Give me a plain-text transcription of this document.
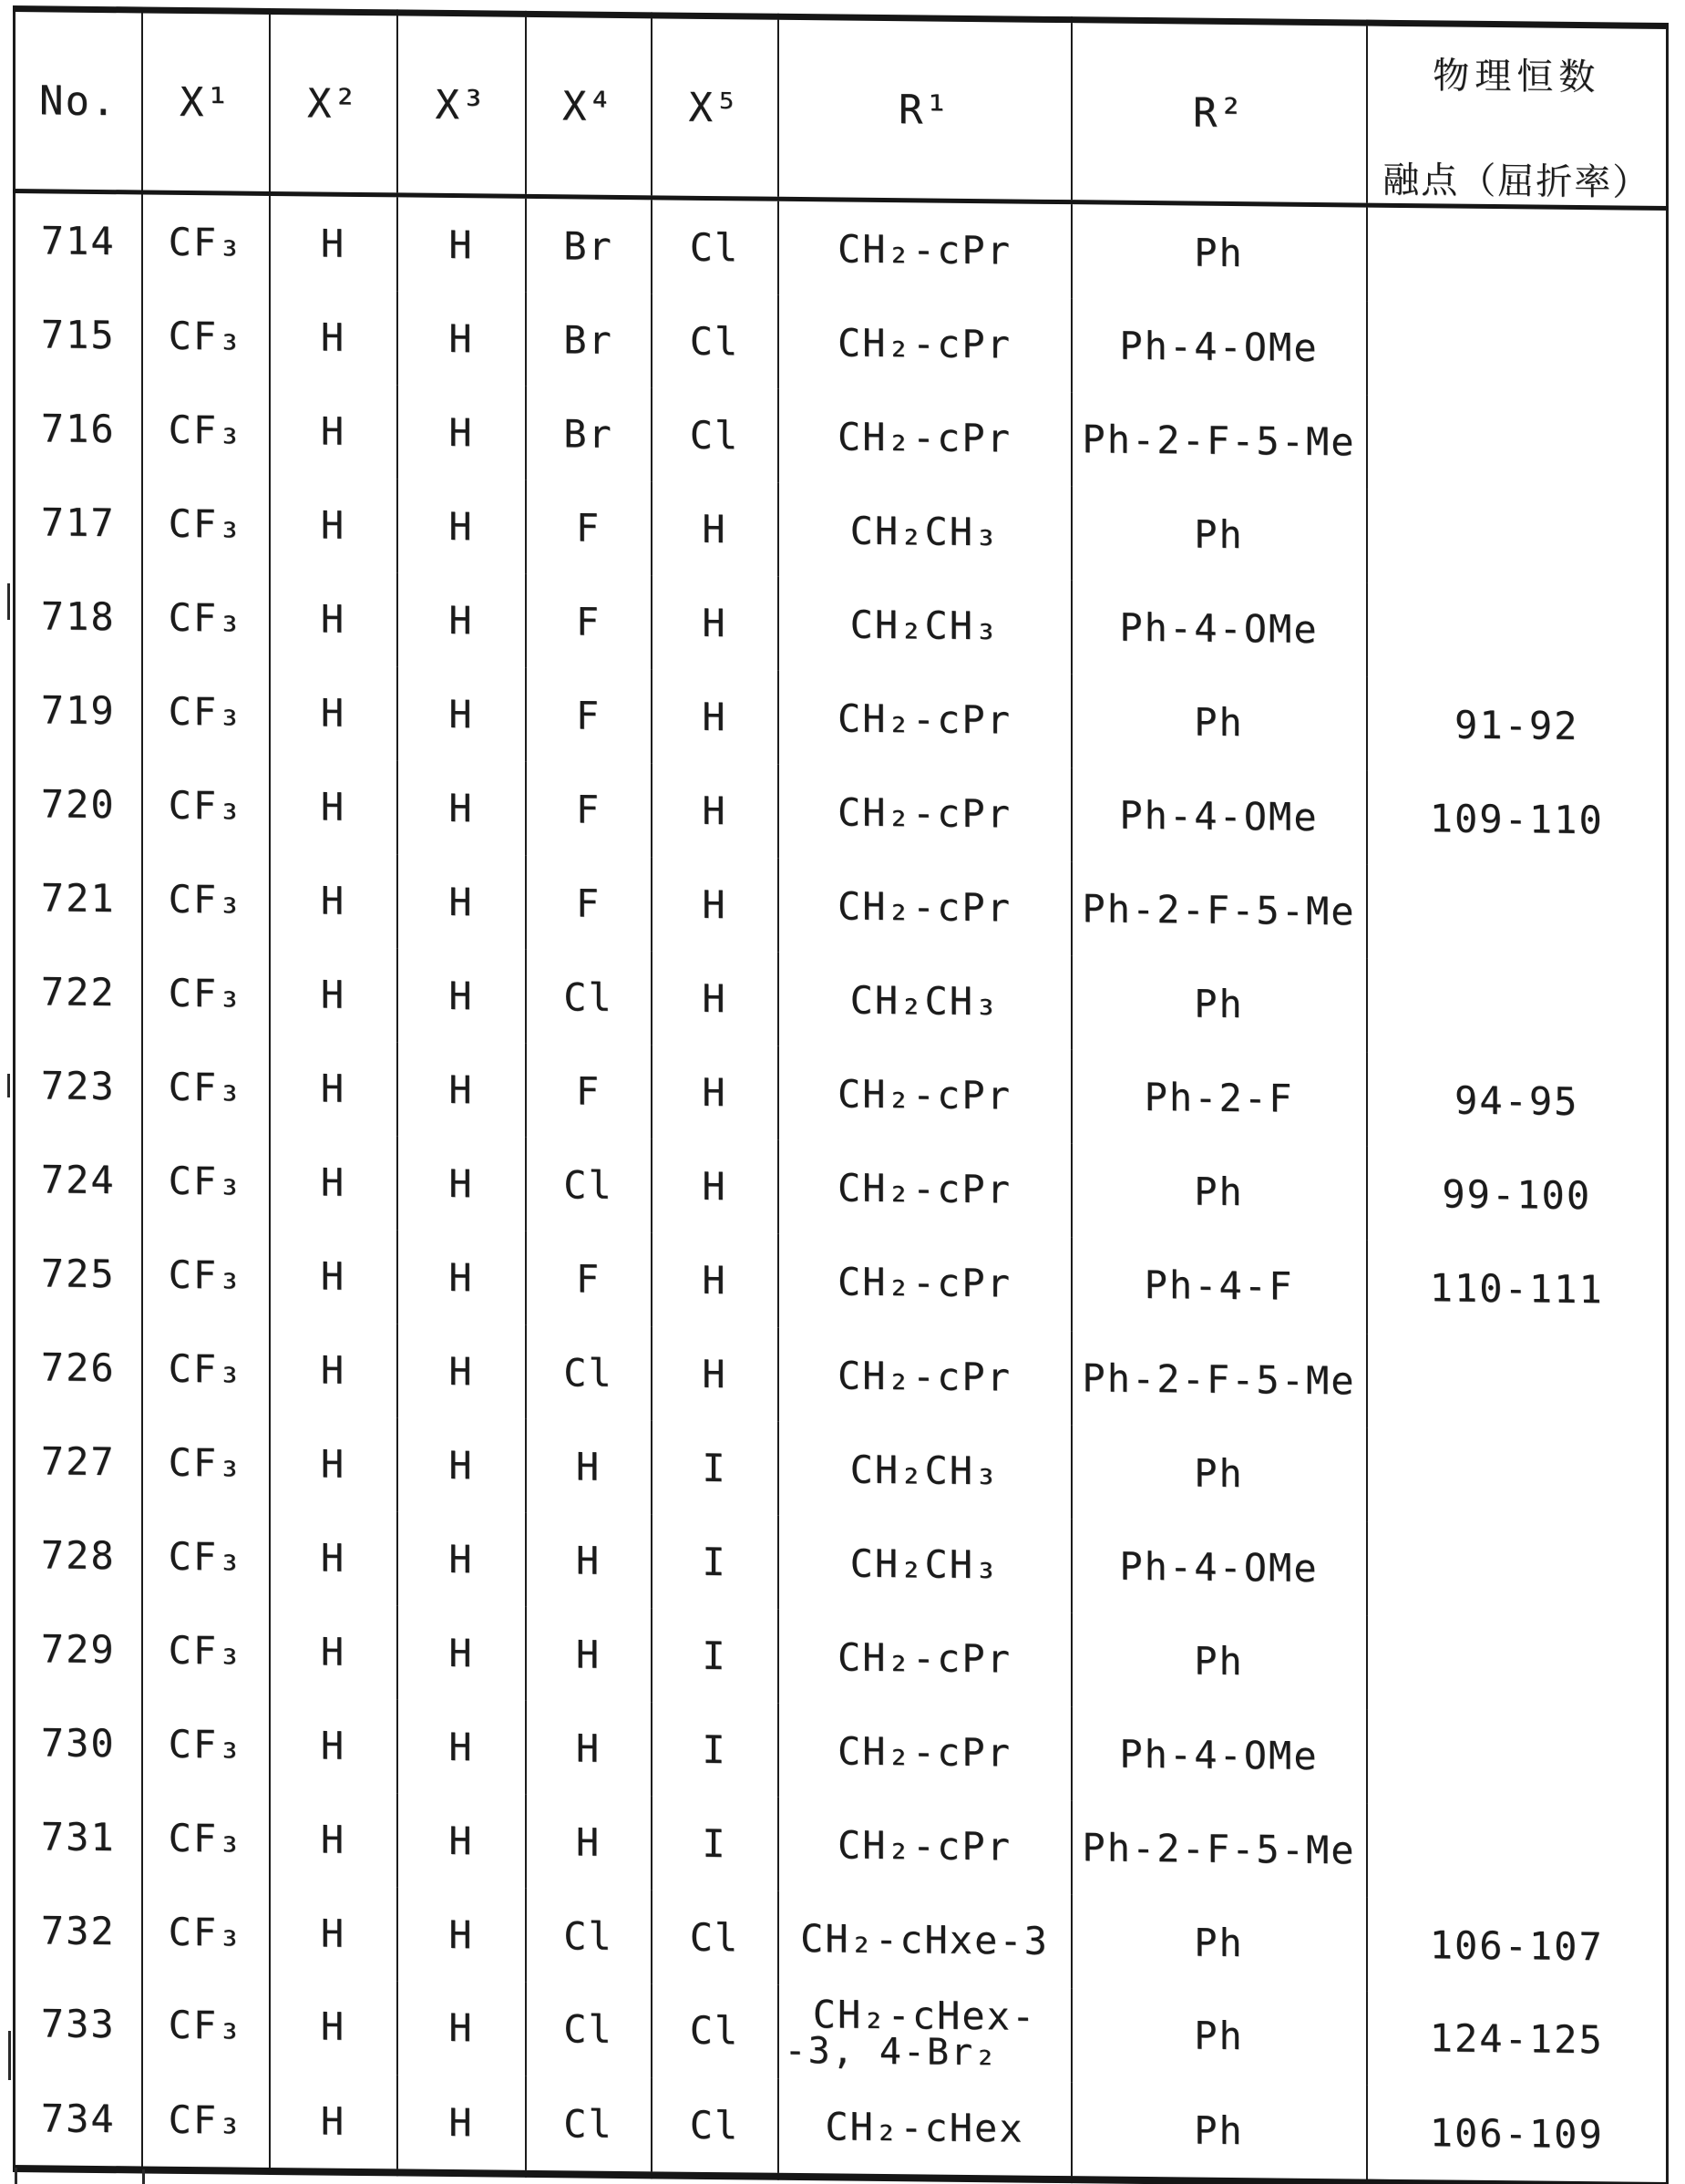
No.	X¹	X²	X³	X⁴	X⁵	R¹	R²	物理恒数
融点（屈折率）

714	CF₃	H	H	Br	Cl	CH₂-cPr	Ph	
715	CF₃	H	H	Br	Cl	CH₂-cPr	Ph-4-OMe	
716	CF₃	H	H	Br	Cl	CH₂-cPr	Ph-2-F-5-Me	
717	CF₃	H	H	F	H	CH₂CH₃	Ph	
718	CF₃	H	H	F	H	CH₂CH₃	Ph-4-OMe	
719	CF₃	H	H	F	H	CH₂-cPr	Ph	91-92
720	CF₃	H	H	F	H	CH₂-cPr	Ph-4-OMe	109-110
721	CF₃	H	H	F	H	CH₂-cPr	Ph-2-F-5-Me	
722	CF₃	H	H	Cl	H	CH₂CH₃	Ph	
723	CF₃	H	H	F	H	CH₂-cPr	Ph-2-F	94-95
724	CF₃	H	H	Cl	H	CH₂-cPr	Ph	99-100
725	CF₃	H	H	F	H	CH₂-cPr	Ph-4-F	110-111
726	CF₃	H	H	Cl	H	CH₂-cPr	Ph-2-F-5-Me	
727	CF₃	H	H	H	I	CH₂CH₃	Ph	
728	CF₃	H	H	H	I	CH₂CH₃	Ph-4-OMe	
729	CF₃	H	H	H	I	CH₂-cPr	Ph	
730	CF₃	H	H	H	I	CH₂-cPr	Ph-4-OMe	
731	CF₃	H	H	H	I	CH₂-cPr	Ph-2-F-5-Me	
732	CF₃	H	H	Cl	Cl	CH₂-cHxe-3	Ph	106-107
733	CF₃	H	H	Cl	Cl	CH₂-cHex-
-3, 4-Br₂	Ph	124-125
734	CF₃	H	H	Cl	Cl	CH₂-cHex	Ph	106-109
